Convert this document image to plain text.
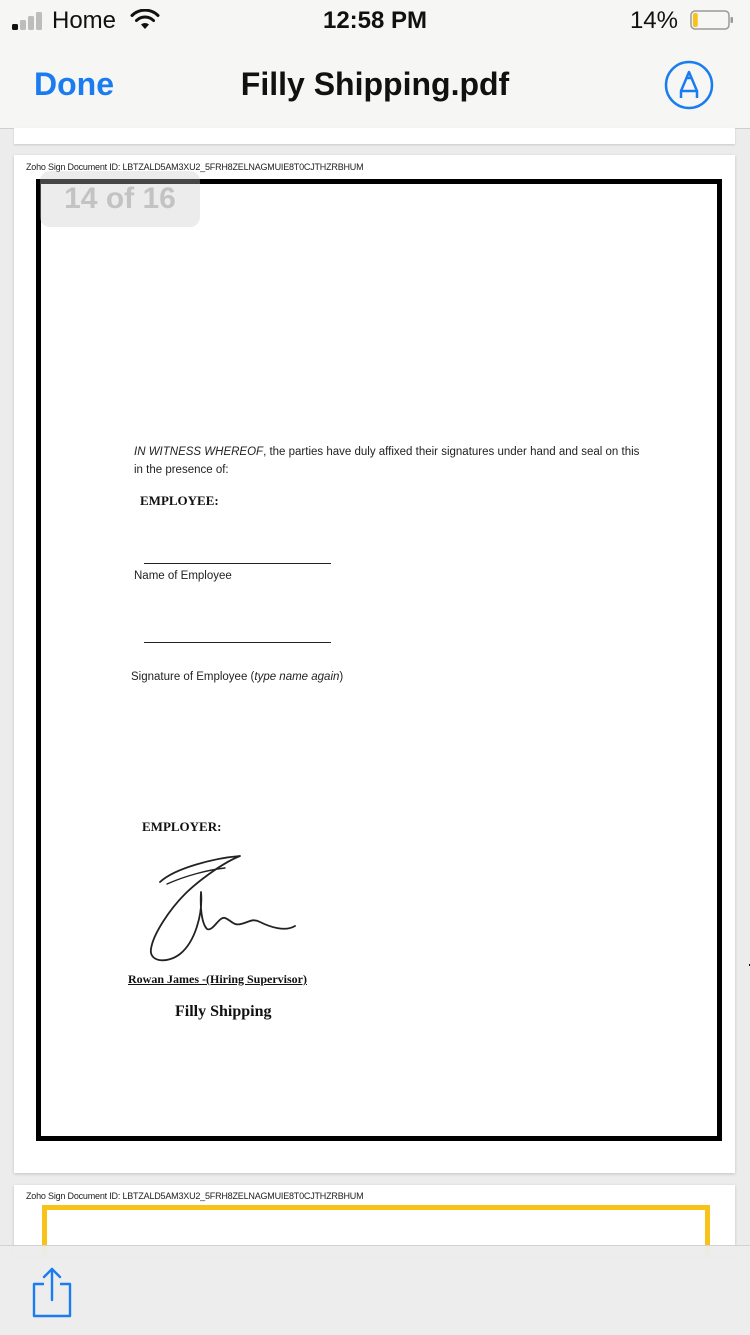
Home	12:58 PM	14%
Done	Filly Shipping.pdf
Zoho Sign Document ID: LBTZALD5AM3XU2_5FRH8ZELNAGMUIE8T0CJTHZRBHUM
IN WITNESS WHEREOF, the parties have duly affixed their signatures under hand and seal on this
in the presence of:
EMPLOYEE:
Name of Employee
Signature of Employee (type name again)
EMPLOYER:
Rowan James -(Hiring Supervisor)
Filly Shipping
14 of 16
Zoho Sign Document ID: LBTZALD5AM3XU2_5FRH8ZELNAGMUIE8T0CJTHZRBHUM
